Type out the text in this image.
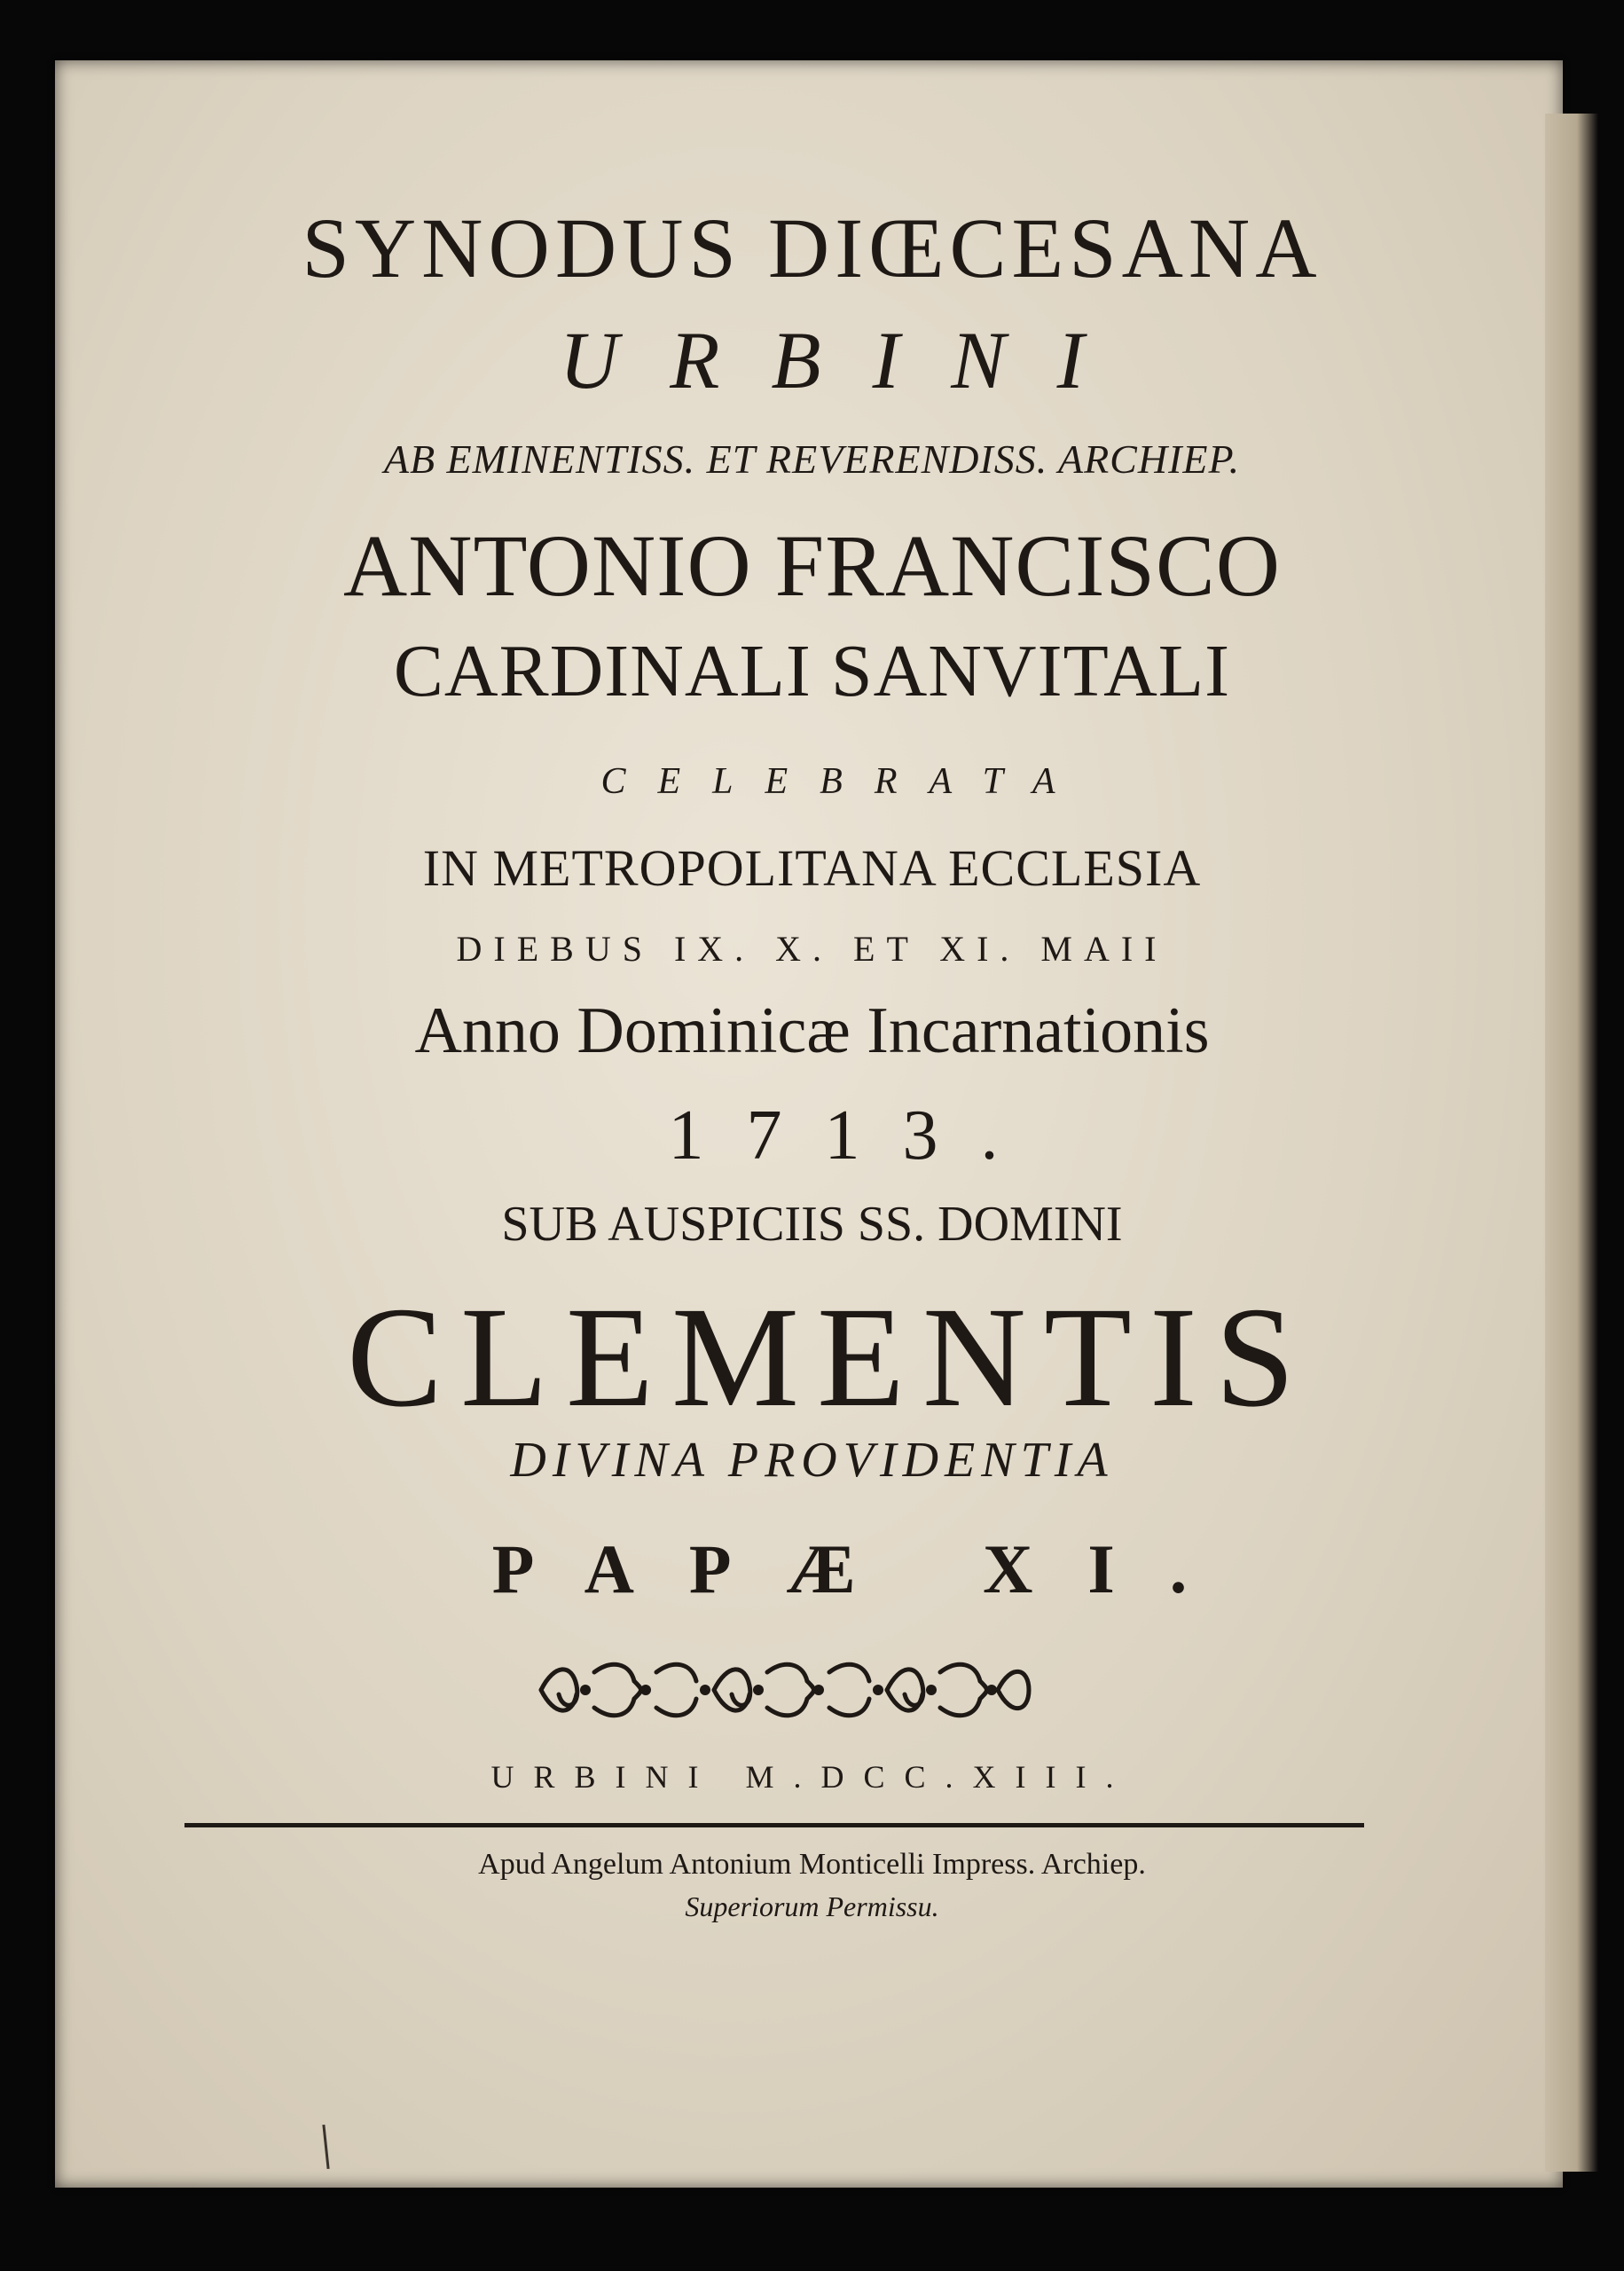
SYNODUS DIŒCESANA
URBINI
AB EMINENTISS. ET REVERENDISS. ARCHIEP.
ANTONIO FRANCISCO
CARDINALI SANVITALI
CELEBRATA
IN METROPOLITANA ECCLESIA
DIEBUS IX. X. ET XI. MAII
Anno Dominicæ Incarnationis
1713.
SUB AUSPICIIS SS. DOMINI
CLEMENTIS
DIVINA PROVIDENTIA
PAPÆ XI.
URBINI M.DCC.XIII.
Apud Angelum Antonium Monticelli Impress. Archiep.
Superiorum Permissu.
